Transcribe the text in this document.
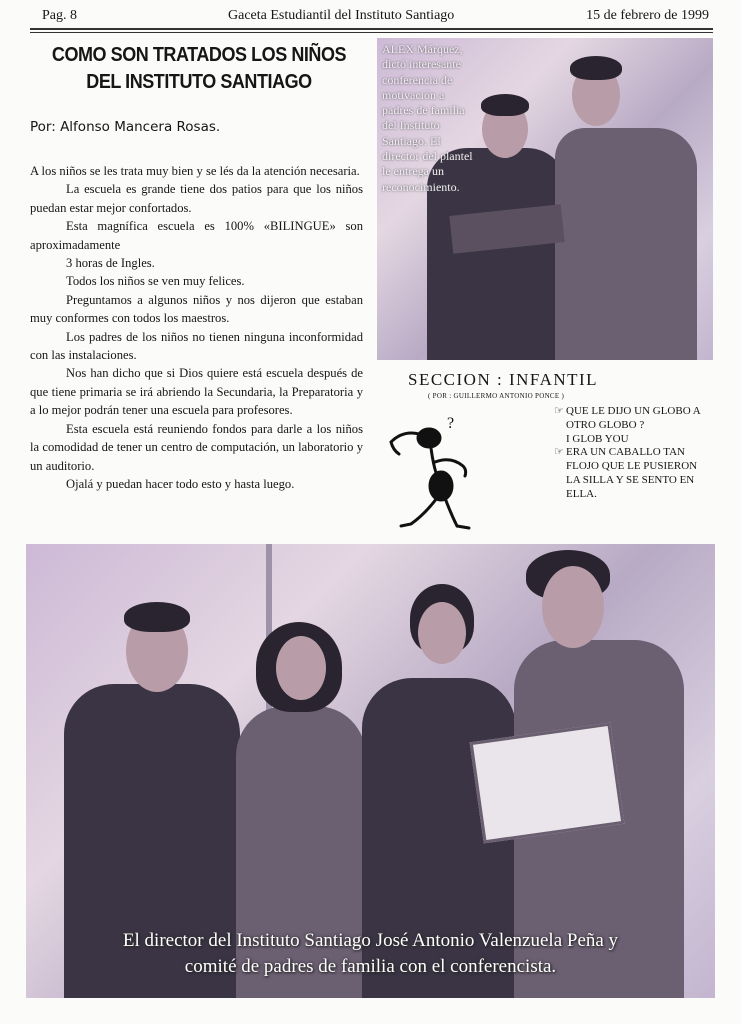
Pag. 8	Gaceta Estudiantil del Instituto Santiago	15 de febrero de 1999
COMO SON TRATADOS LOS NIÑOS
DEL INSTITUTO SANTIAGO
Por: Alfonso Mancera Rosas.

A los niños se les trata muy bien y se lés da la atención necesaria.

La escuela es grande tiene dos patios para que los niños puedan estar mejor confortados.

Esta magnífica escuela es 100% «BILINGUE» son aproximadamente

3 horas de Ingles.

Todos los niños se ven muy felices.

Preguntamos a algunos niños y nos dijeron que estaban muy conformes con todos los maestros.

Los padres de los niños no tienen ninguna inconformidad con las instalaciones.

Nos han dicho que si Dios quiere está escuela después de que tiene primaria se irá abriendo la Secundaria, la Preparatoria y a lo mejor podrán tener una escuela para profesores.

Esta escuela está reuniendo fondos para darle a los niños la comodidad de tener un centro de computación, un laboratorio y un auditorio.

Ojalá y puedan hacer todo esto y hasta luego.

ALEX Márquez, dictó interesante conferencia de motivación a padres de familia del Instituto Santiago. El director del plantel le entrega un reconocimiento.
SECCION : INFANTIL
( POR : GUILLERMO ANTONIO PONCE )
?

☞ QUE LE DIJO UN GLOBO A OTRO GLOBO ?

I GLOB YOU

☞ ERA UN CABALLO TAN FLOJO QUE LE PUSIERON LA SILLA Y SE SENTO EN ELLA.

El director del Instituto Santiago José Antonio Valenzuela Peña y
comité de padres de familia con el conferencista.
